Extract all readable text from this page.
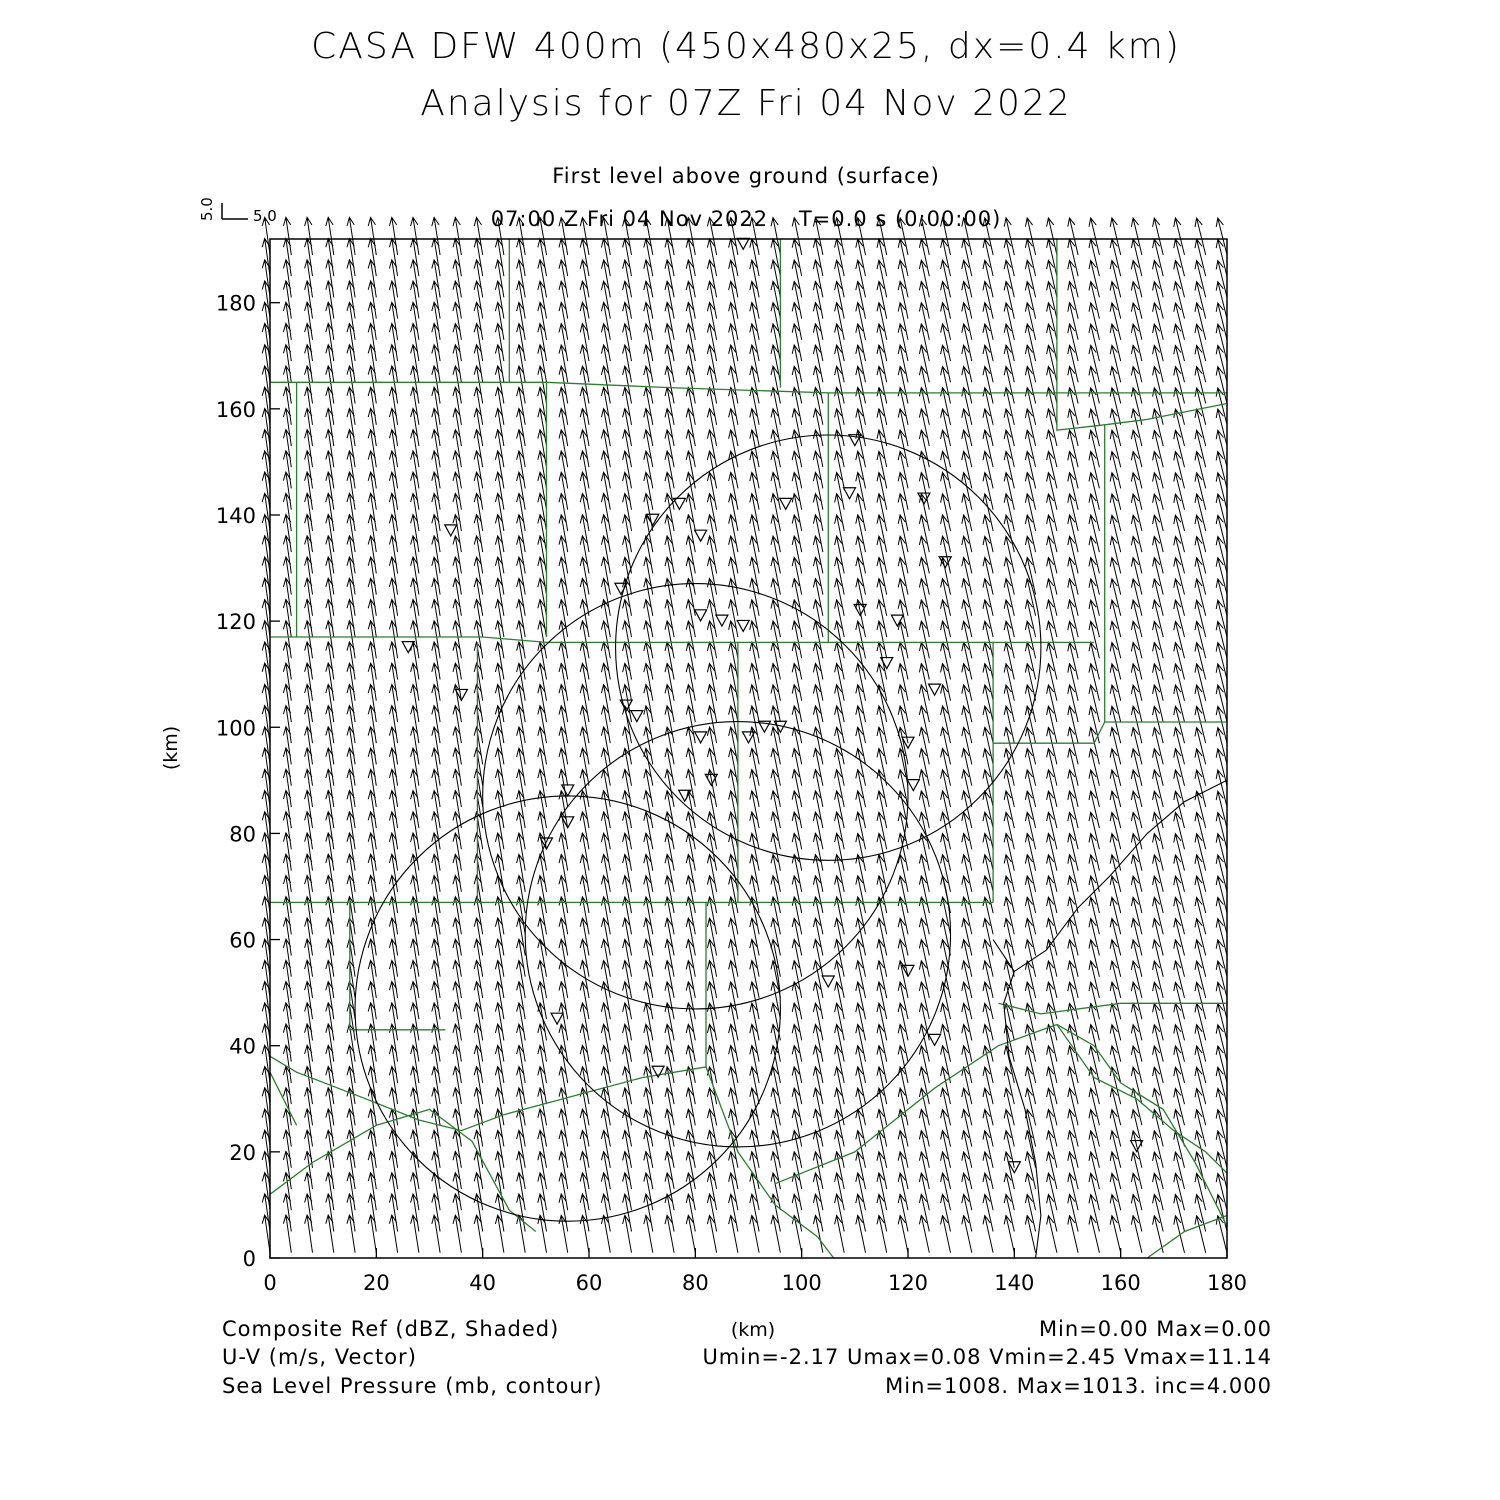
CASA DFW 400m (450x480x25, dx=0.4 km)
Analysis for 07Z Fri 04 Nov 2022
First level above ground (surface)
07:00 Z Fri 04 Nov 2022    T=0.0 s (0:00:00)
5.0 5.0
0	20	40	60	80	100	120	140	160	180
0
20
40
60
80
100
120
140
160
180
(km)
(km)
Composite Ref (dBZ, Shaded)	Min=0.00 Max=0.00
U-V (m/s, Vector)	Umin=-2.17 Umax=0.08 Vmin=2.45 Vmax=11.14
Sea Level Pressure (mb, contour)	Min=1008. Max=1013. inc=4.000
